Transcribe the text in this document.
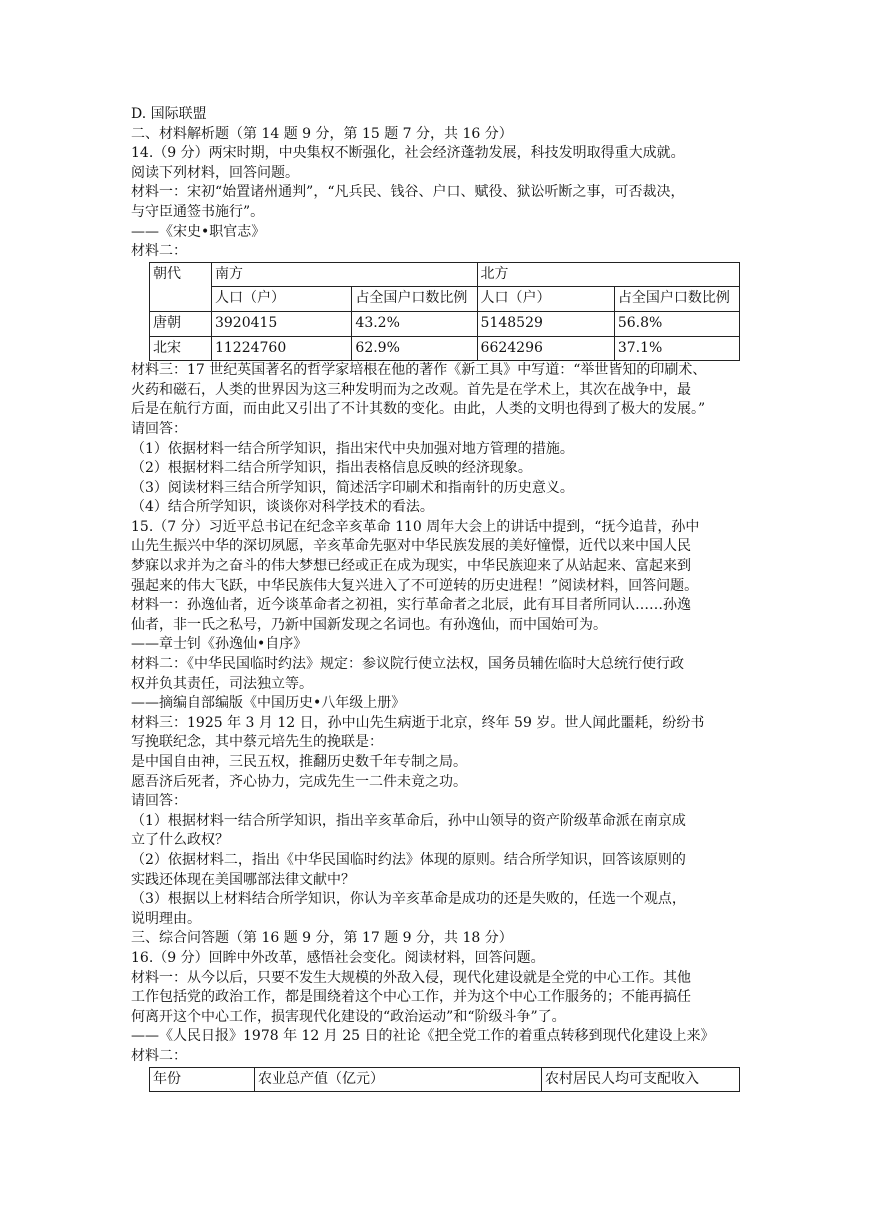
D. 国际联盟
二、材料解析题（第 14 题 9 分，第 15 题 7 分，共 16 分）
14.（9 分）两宋时期，中央集权不断强化，社会经济蓬勃发展，科技发明取得重大成就。
阅读下列材料，回答问题。
材料一：宋初“始置诸州通判”，“凡兵民、钱谷、户口、赋役、狱讼听断之事，可否裁决，
与守臣通签书施行”。
——《宋史•职官志》
材料二：
朝代	南方		北方	
	人口（户）	占全国户口数比例	人口（户）	占全国户口数比例
唐朝	3920415	43.2%	5148529	56.8%
北宋	11224760	62.9%	6624296	37.1%
材料三：17 世纪英国著名的哲学家培根在他的著作《新工具》中写道：“举世皆知的印刷术、
火药和磁石，人类的世界因为这三种发明而为之改观。首先是在学术上，其次在战争中，最
后是在航行方面，而由此又引出了不计其数的变化。由此，人类的文明也得到了极大的发展。”
请回答：
（1）依据材料一结合所学知识，指出宋代中央加强对地方管理的措施。
（2）根据材料二结合所学知识，指出表格信息反映的经济现象。
（3）阅读材料三结合所学知识，简述活字印刷术和指南针的历史意义。
（4）结合所学知识，谈谈你对科学技术的看法。
15.（7 分）习近平总书记在纪念辛亥革命 110 周年大会上的讲话中提到，“抚今追昔，孙中
山先生振兴中华的深切夙愿，辛亥革命先驱对中华民族发展的美好憧憬，近代以来中国人民
梦寐以求并为之奋斗的伟大梦想已经或正在成为现实，中华民族迎来了从站起来、富起来到
强起来的伟大飞跃，中华民族伟大复兴进入了不可逆转的历史进程！”阅读材料，回答问题。
材料一：孙逸仙者，近今谈革命者之初祖，实行革命者之北辰，此有耳目者所同认……孙逸
仙者，非一氏之私号，乃新中国新发现之名词也。有孙逸仙，而中国始可为。
——章士钊《孙逸仙•自序》
材料二：《中华民国临时约法》规定：参议院行使立法权，国务员辅佐临时大总统行使行政
权并负其责任，司法独立等。
——摘编自部编版《中国历史•八年级上册》
材料三：1925 年 3 月 12 日，孙中山先生病逝于北京，终年 59 岁。世人闻此噩耗，纷纷书
写挽联纪念，其中蔡元培先生的挽联是：
是中国自由神，三民五权，推翻历史数千年专制之局。
愿吾济后死者，齐心协力，完成先生一二件未竟之功。
请回答：
（1）根据材料一结合所学知识，指出辛亥革命后，孙中山领导的资产阶级革命派在南京成
立了什么政权？
（2）依据材料二，指出《中华民国临时约法》体现的原则。结合所学知识，回答该原则的
实践还体现在美国哪部法律文献中？
（3）根据以上材料结合所学知识，你认为辛亥革命是成功的还是失败的，任选一个观点，
说明理由。
三、综合问答题（第 16 题 9 分，第 17 题 9 分，共 18 分）
16.（9 分）回眸中外改革，感悟社会变化。阅读材料，回答问题。
材料一：从今以后，只要不发生大规模的外敌入侵，现代化建设就是全党的中心工作。其他
工作包括党的政治工作，都是围绕着这个中心工作，并为这个中心工作服务的；不能再搞任
何离开这个中心工作，损害现代化建设的“政治运动”和“阶级斗争”了。
——《人民日报》1978 年 12 月 25 日的社论《把全党工作的着重点转移到现代化建设上来》
材料二：
年份	农业总产值（亿元）	农村居民人均可支配收入
